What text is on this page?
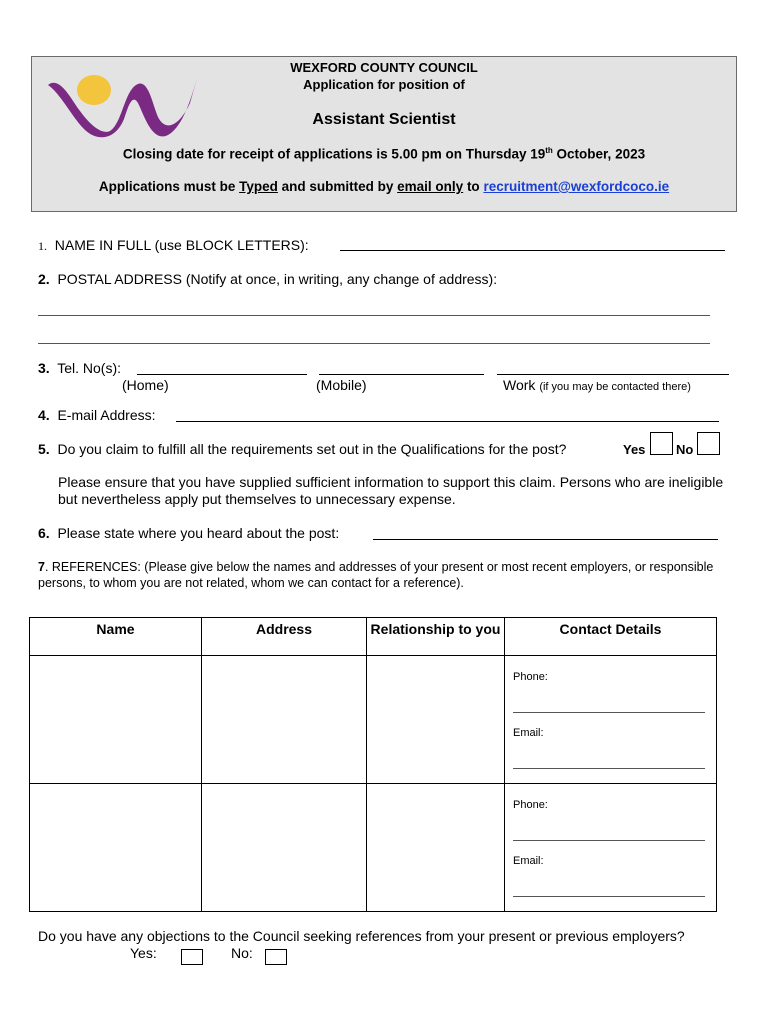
WEXFORD COUNTY COUNCIL
Application for position of
Assistant Scientist
Closing date for receipt of applications is 5.00 pm on Thursday 19th October, 2023
Applications must be Typed and submitted by email only to recruitment@wexfordcoco.ie
1. NAME IN FULL (use BLOCK LETTERS):
2. POSTAL ADDRESS (Notify at once, in writing, any change of address):
3. Tel. No(s):
(Home)	(Mobile)	Work (if you may be contacted there)
4. E-mail Address:
5. Do you claim to fulfill all the requirements set out in the Qualifications for the post?	Yes No
Please ensure that you have supplied sufficient information to support this claim. Persons who are ineligible but nevertheless apply put themselves to unnecessary expense.
6. Please state where you heard about the post:
7. REFERENCES: (Please give below the names and addresses of your present or most recent employers, or responsible persons, to whom you are not related, whom we can contact for a reference).
Name	Address	Relationship to you	Contact Details

			Phone:
Email:

			Phone:
Email:
Do you have any objections to the Council seeking references from your present or previous employers?
Yes:	No:
